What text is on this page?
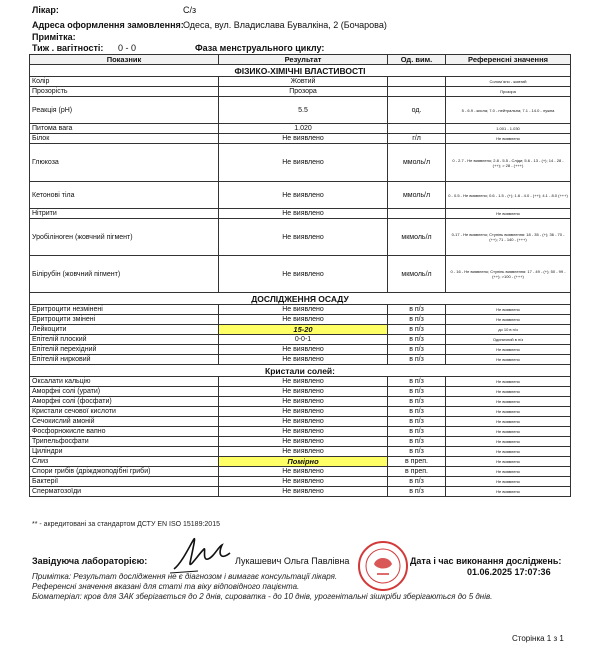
Лікар:	С/з
Адреса оформлення замовлення: Одеса, вул. Владислава Бувалкіна, 2 (Бочарова)
Примітка:
Тиж . вагітності: 0 - 0	Фаза менструального циклу:
Показник	Результат	Од. вим.	Референсні значення
ФІЗИКО-ХІМІЧНІ ВЛАСТИВОСТІ			
Колір	Жовтий		Солом`яно - жовтий
Прозорість	Прозора		Прозора
Реакція (pH)	5.5	од.	5 - 6.9 - кисла; 7.0 - нейтральна; 7.1 - 14.0 - лужна
Питома вага	1.020		1.001 - 1.030
Білок	Не виявлено	г/л	Не виявлено
Глюкоза	Не виявлено	ммоль/л	0 - 2.7 - Не виявлено; 2.8 - 5.5 - Сліди; 5.6 - 13 - (+); 14 - 28 - (++); > 28 - (+++)
Кетонові тіла	Не виявлено	ммоль/л	0 - 0.5 - Не виявлено; 0.6 - 1.5 - (+); 1.6 - 4.0 - (++); 4.1 - 8.0 (+++)
Нітрити	Не виявлено		Не виявлено
Уробіліноген (жовчний пігмент)	Не виявлено	мкмоль/л	0-17 - Не виявлено; Ступінь виявлення: 18 - 35 - (+); 36 - 70 - (++); 71 - 140 - (+++)
Білірубін (жовчний пігмент)	Не виявлено	мкмоль/л	0 - 16 - Не виявлено; Ступінь виявлення: 17 - 49 - (+); 50 - 99 - (++); >100 - (+++)
ДОСЛІДЖЕННЯ ОСАДУ			
Еритроцити незмінені	Не виявлено	в п/з	Не виявлено
Еритроцити змінені	Не виявлено	в п/з	Не виявлено
Лейкоцити	15-20	в п/з	до 10 в п/з
Епітелій плоский	0-0-1	в п/з	Одиничний в п/з
Епітелій перехідний	Не виявлено	в п/з	Не виявлено
Епітелій нирковий	Не виявлено	в п/з	Не виявлено
Кристали солей:			
Оксалати кальцію	Не виявлено	в п/з	Не виявлено
Аморфні солі (урати)	Не виявлено	в п/з	Не виявлено
Аморфні солі (фосфати)	Не виявлено	в п/з	Не виявлено
Кристали сечової кислоти	Не виявлено	в п/з	Не виявлено
Сечокислий амоній	Не виявлено	в п/з	Не виявлено
Фосфорнокисле вапно	Не виявлено	в п/з	Не виявлено
Трипельфосфати	Не виявлено	в п/з	Не виявлено
Циліндри	Не виявлено	в п/з	Не виявлено
Слиз	Помірно	в преп.	Не виявлено
Спори грибів (дріжджоподібні гриби)	Не виявлено	в преп.	Не виявлено
Бактерії	Не виявлено	в п/з	Не виявлено
Сперматозоїди	Не виявлено	в п/з	Не виявлено
** - акредитовані за стандартом ДСТУ EN ISO 15189:2015
Завідуюча лабораторією:	Лукашевич Ольга Павлівна	Дата і час виконання досліджень:
01.06.2025 17:07:36
Примітка: Результат дослідження не є діагнозом і вимагає консультації лікаря.
Референсні значення вказані для статі та віку відповідного пацієнта.
Біоматеріал: кров для ЗАК зберігається до 2 днів, сироватка - до 10 днів, урогенітальні зішкріби зберігаються до 5 днів.
Сторінка 1 з 1
